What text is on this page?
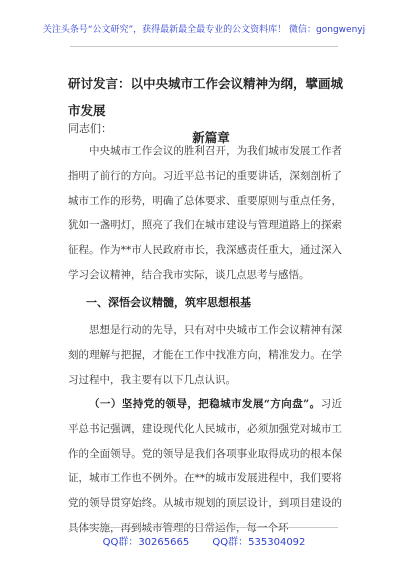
关注头条号“公文研究”，获得最新最全最专业的公文资料库！ 微信：gongwenyj
研讨发言：以中央城市工作会议精神为纲，擘画城市发展
新篇章
同志们：

中央城市工作会议的胜利召开，为我们城市发展工作者指明了前行的方向。习近平总书记的重要讲话，深刻剖析了城市工作的形势，明确了总体要求、重要原则与重点任务，犹如一盏明灯，照亮了我们在城市建设与管理道路上的探索征程。作为**市人民政府市长，我深感责任重大，通过深入学习会议精神，结合我市实际，谈几点思考与感悟。

一、深悟会议精髓，筑牢思想根基

思想是行动的先导，只有对中央城市工作会议精神有深刻的理解与把握，才能在工作中找准方向，精准发力。在学习过程中，我主要有以下几点认识。

（一）坚持党的领导，把稳城市发展“方向盘”。习近平总书记强调，建设现代化人民城市，必须加强党对城市工作的全面领导。党的领导是我们各项事业取得成功的根本保证，城市工作也不例外。在**的城市发展进程中，我们要将党的领导贯穿始终。从城市规划的顶层设计，到项目建设的具体实施，再到城市管理的日常运作，每一个环

QQ群：30265665 QQ群：535304092
